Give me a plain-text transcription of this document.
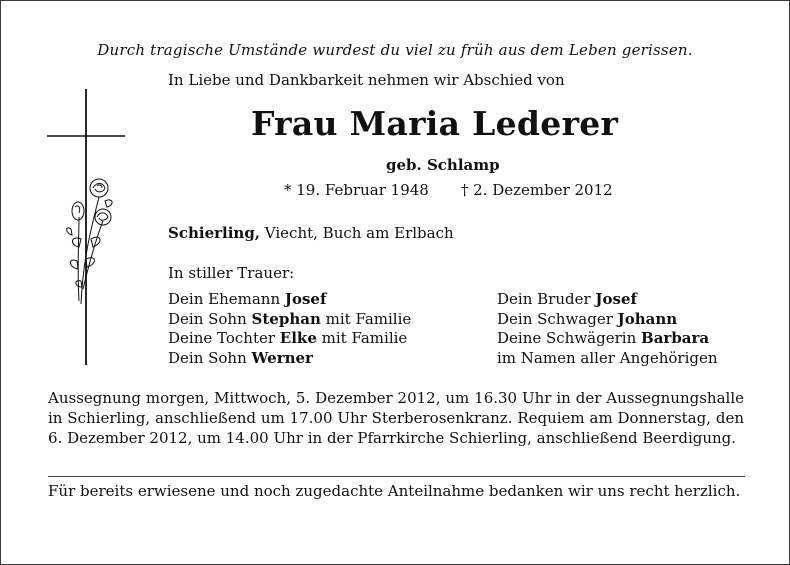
Durch tragische Umstände wurdest du viel zu früh aus dem Leben gerissen.
In Liebe und Dankbarkeit nehmen wir Abschied von
Frau Maria Lederer
geb. Schlamp
* 19. Februar 1948 † 2. Dezember 2012
Schierling, Viecht, Buch am Erlbach
In stiller Trauer:
Dein Ehemann Josef
Dein Sohn Stephan mit Familie
Deine Tochter Elke mit Familie
Dein Sohn Werner
Dein Bruder Josef
Dein Schwager Johann
Deine Schwägerin Barbara
im Namen aller Angehörigen
Aussegnung morgen, Mittwoch, 5. Dezember 2012, um 16.30 Uhr in der Aussegnungshalle in Schierling, anschließend um 17.00 Uhr Sterberosenkranz. Requiem am Donnerstag, den 6. Dezember 2012, um 14.00 Uhr in der Pfarrkirche Schierling, anschließend Beerdigung.
Für bereits erwiesene und noch zugedachte Anteilnahme bedanken wir uns recht herzlich.
